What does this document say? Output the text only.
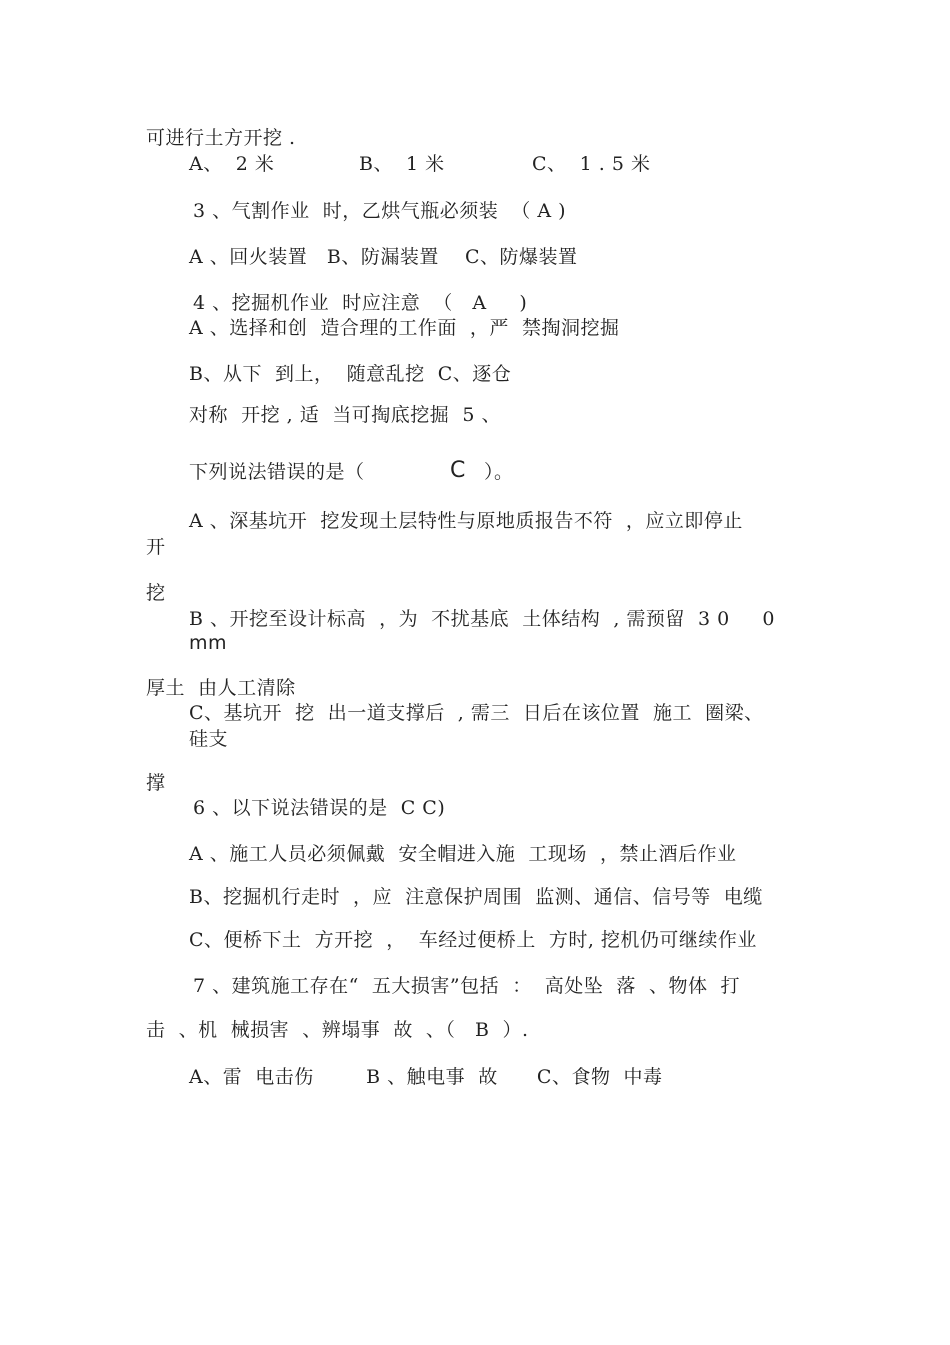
可进行土方开挖 .
A、  2 米	B、  1 米	C、  1 . 5 米
3 、气割作业  时，乙烘气瓶必须装  （ A )
A 、回火装置   B、防漏装置    C、防爆装置
4 、挖掘机作业  时应注意  （   A     )
A 、选择和创  造合理的工作面  ，严  禁掏洞挖掘
B、从下  到上，  随意乱挖  C、逐仓
对称  开挖 , 适  当可掏底挖掘  5 、
下列说法错误的是（	C ）。
A 、深基坑开  挖发现土层特性与原地质报告不符  ，应立即停止
开
挖
B 、开挖至设计标高  ，为  不扰基底  土体结构  , 需预留  3 0     0
mm
厚土  由人工清除
C、基坑开  挖  出一道支撑后  , 需三  日后在该位置  施工  圈梁、
硅支
撑
6 、以下说法错误的是  C C)
A 、施工人员必须佩戴  安全帽进入施  工现场  ，禁止酒后作业
B、挖掘机行走时  ，应  注意保护周围  监测、通信、信号等  电缆
C、便桥下土  方开挖  ，  车经过便桥上  方时, 挖机仍可继续作业
7 、建筑施工存在“  五大损害”包括  ：  高处坠  落  、物体  打
击  、机  械损害  、辨塌事  故  、（   B  ）.
A、雷  电击伤        B 、触电事  故      C、食物  中毒
